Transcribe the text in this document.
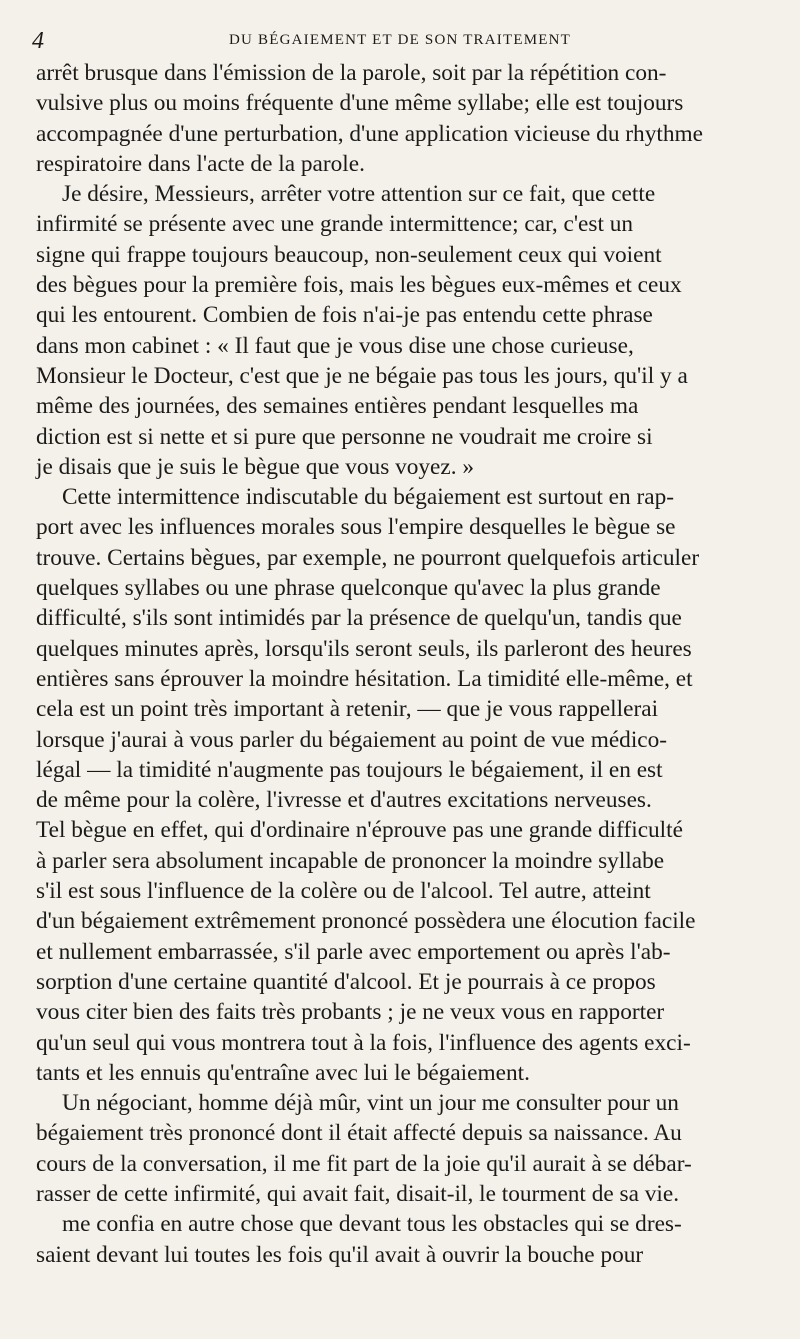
4	DU BÉGAIEMENT ET DE SON TRAITEMENT

arrêt brusque dans l'émission de la parole, soit par la répétition con-
vulsive plus ou moins fréquente d'une même syllabe; elle est toujours
accompagnée d'une perturbation, d'une application vicieuse du rhythme
respiratoire dans l'acte de la parole.

Je désire, Messieurs, arrêter votre attention sur ce fait, que cette
infirmité se présente avec une grande intermittence; car, c'est un
signe qui frappe toujours beaucoup, non-seulement ceux qui voient
des bègues pour la première fois, mais les bègues eux-mêmes et ceux
qui les entourent. Combien de fois n'ai-je pas entendu cette phrase
dans mon cabinet : « Il faut que je vous dise une chose curieuse,
Monsieur le Docteur, c'est que je ne bégaie pas tous les jours, qu'il y a
même des journées, des semaines entières pendant lesquelles ma
diction est si nette et si pure que personne ne voudrait me croire si
je disais que je suis le bègue que vous voyez. »

Cette intermittence indiscutable du bégaiement est surtout en rap-
port avec les influences morales sous l'empire desquelles le bègue se
trouve. Certains bègues, par exemple, ne pourront quelquefois articuler
quelques syllabes ou une phrase quelconque qu'avec la plus grande
difficulté, s'ils sont intimidés par la présence de quelqu'un, tandis que
quelques minutes après, lorsqu'ils seront seuls, ils parleront des heures
entières sans éprouver la moindre hésitation. La timidité elle-même, et
cela est un point très important à retenir, — que je vous rappellerai
lorsque j'aurai à vous parler du bégaiement au point de vue médico-
légal — la timidité n'augmente pas toujours le bégaiement, il en est
de même pour la colère, l'ivresse et d'autres excitations nerveuses.
Tel bègue en effet, qui d'ordinaire n'éprouve pas une grande difficulté
à parler sera absolument incapable de prononcer la moindre syllabe
s'il est sous l'influence de la colère ou de l'alcool. Tel autre, atteint
d'un bégaiement extrêmement prononcé possèdera une élocution facile
et nullement embarrassée, s'il parle avec emportement ou après l'ab-
sorption d'une certaine quantité d'alcool. Et je pourrais à ce propos
vous citer bien des faits très probants ; je ne veux vous en rapporter
qu'un seul qui vous montrera tout à la fois, l'influence des agents exci-
tants et les ennuis qu'entraîne avec lui le bégaiement.

Un négociant, homme déjà mûr, vint un jour me consulter pour un
bégaiement très prononcé dont il était affecté depuis sa naissance. Au
cours de la conversation, il me fit part de la joie qu'il aurait à se débar-
rasser de cette infirmité, qui avait fait, disait-il, le tourment de sa vie.
me confia en autre chose que devant tous les obstacles qui se dres-
saient devant lui toutes les fois qu'il avait à ouvrir la bouche pour
